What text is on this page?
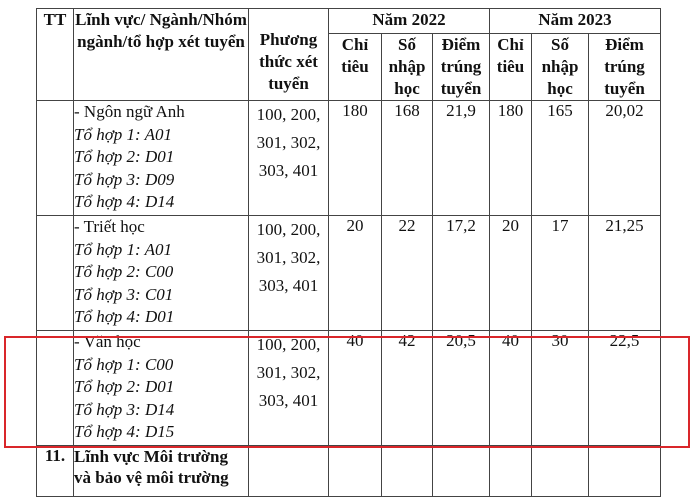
TT	Lĩnh vực/ Ngành/Nhóm ngành/tổ hợp xét tuyển	Phương thức xét tuyển	Năm 2022			Năm 2023		
			Chỉ tiêu	Số nhập học	Điểm trúng tuyển	Chỉ tiêu	Số nhập học	Điểm trúng tuyển

	- Ngôn ngữ Anh
Tổ hợp 1: A01
Tổ hợp 2: D01
Tổ hợp 3: D09
Tổ hợp 4: D14	100, 200, 301, 302, 303, 401	180	168	21,9	180	165	20,02

	- Triết học
Tổ hợp 1: A01
Tổ hợp 2: C00
Tổ hợp 3: C01
Tổ hợp 4: D01	100, 200, 301, 302, 303, 401	20	22	17,2	20	17	21,25

	- Văn học
Tổ hợp 1: C00
Tổ hợp 2: D01
Tổ hợp 3: D14
Tổ hợp 4: D15	100, 200, 301, 302, 303, 401	40	42	20,5	40	30	22,5
11.	Lĩnh vực Môi trường và bảo vệ môi trường							
